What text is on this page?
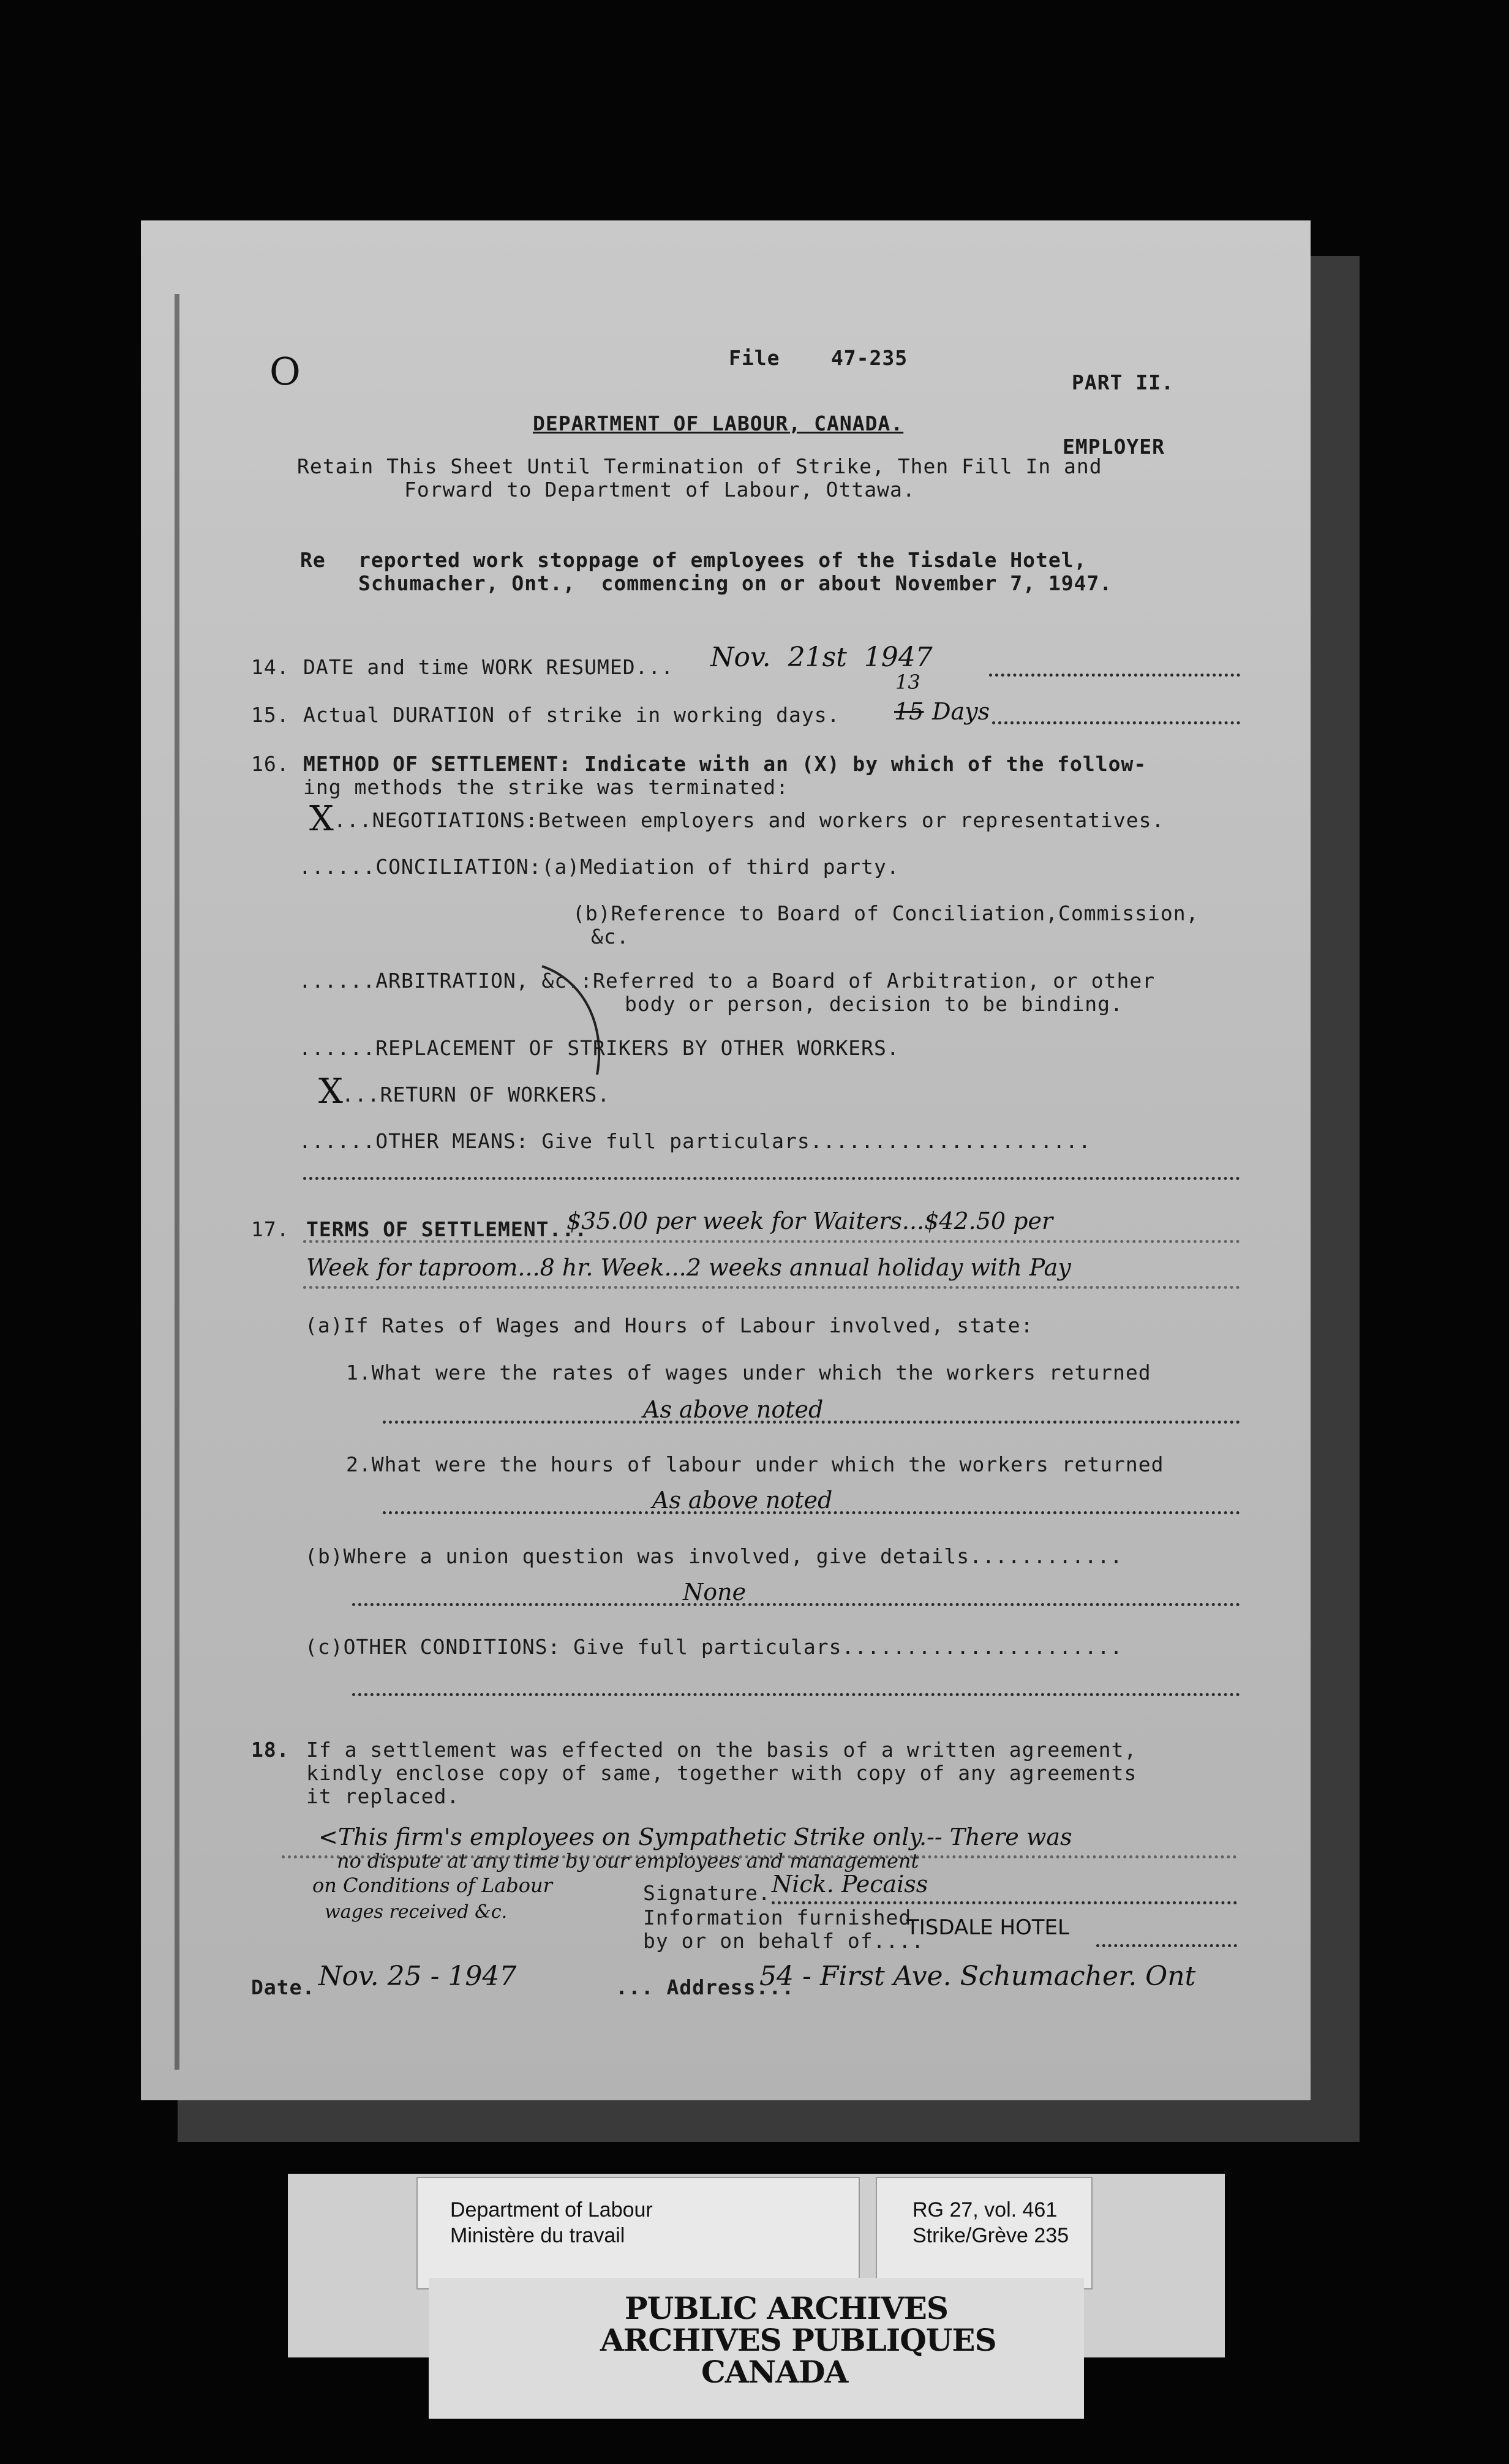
O	File    47-235
PART II.
DEPARTMENT OF LABOUR, CANADA.
EMPLOYER
Retain This Sheet Until Termination of Strike, Then Fill In and
Forward to Department of Labour, Ottawa.
Re reported work stoppage of employees of the Tisdale Hotel,
Schumacher, Ont.,  commencing on or about November 7, 1947.
14. DATE and time WORK RESUMED... Nov.  21st  1947
15. Actual DURATION of strike in working days. 15
13
Days
16. METHOD OF SETTLEMENT: Indicate with an (X) by which of the follow-
ing methods the strike was terminated:
X ...NEGOTIATIONS:Between employers and workers or representatives.
......CONCILIATION:(a)Mediation of third party.
(b)Reference to Board of Conciliation,Commission,
&c.
......ARBITRATION, &c.:Referred to a Board of Arbitration, or other
body or person, decision to be binding.
......REPLACEMENT OF STRIKERS BY OTHER WORKERS.
X
...RETURN OF WORKERS.
......OTHER MEANS: Give full particulars......................
17. TERMS OF SETTLEMENT...
$35.00 per week for Waiters...$42.50 per
Week for taproom...8 hr. Week...2 weeks annual holiday with Pay
(a)If Rates of Wages and Hours of Labour involved, state:
1.What were the rates of wages under which the workers returned
As above noted
2.What were the hours of labour under which the workers returned
As above noted
(b)Where a union question was involved, give details............
None
(c)OTHER CONDITIONS: Give full particulars......................
18. If a settlement was effected on the basis of a written agreement,
kindly enclose copy of same, together with copy of any agreements
it replaced.
<This firm's employees on Sympathetic Strike only.-- There was
no dispute at any time by our employees and management
on Conditions of Labour
wages received &c.
Signature. Nick. Pecaiss
Information furnished
by or on behalf of....
TISDALE HOTEL
Date. Nov. 25 - 1947	... Address...
54 - First Ave. Schumacher. Ont
Department of Labour
Ministère du travail
RG 27, vol. 461
Strike/Grève 235
PUBLIC ARCHIVES
ARCHIVES PUBLIQUES
CANADA
